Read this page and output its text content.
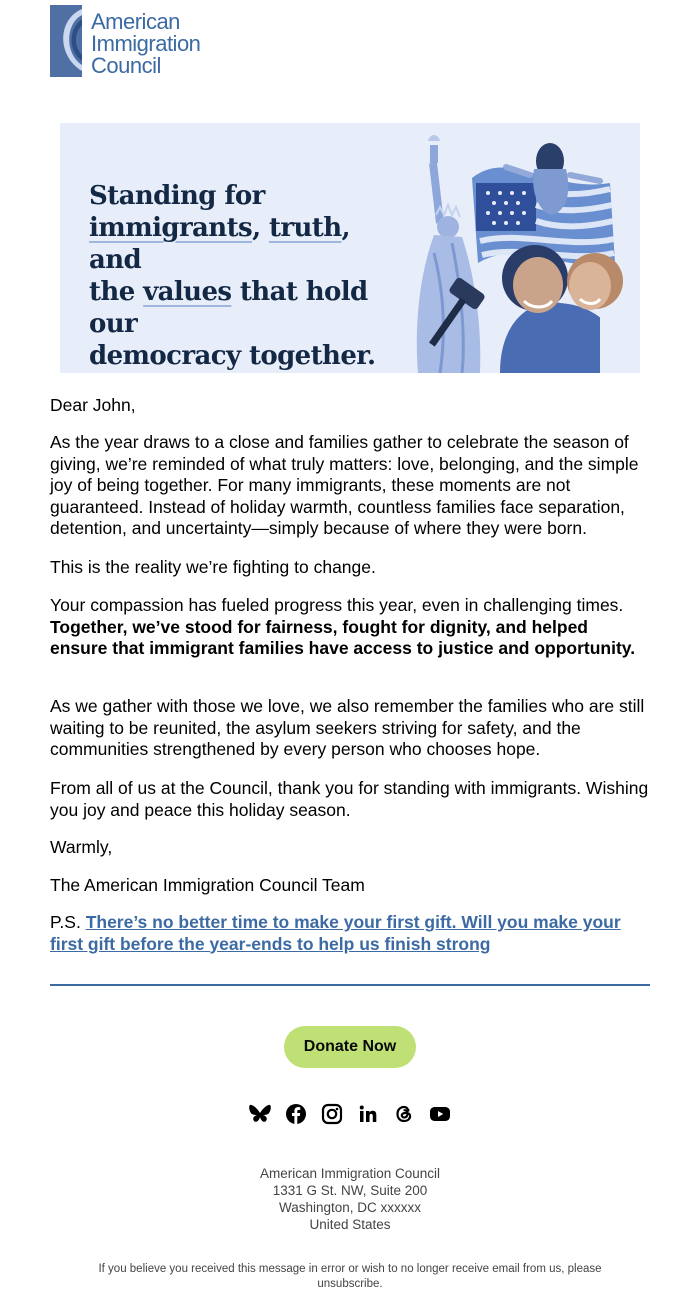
American
Immigration
Council
Standing for
immigrants, truth, and
the values that hold our
democracy together.
Dear John,
As the year draws to a close and families gather to celebrate the season of giving, we’re reminded of what truly matters: love, belonging, and the simple joy of being together. For many immigrants, these moments are not guaranteed. Instead of holiday warmth, countless families face separation, detention, and uncertainty—simply because of where they were born.
This is the reality we’re fighting to change.
Your compassion has fueled progress this year, even in challenging times. Together, we’ve stood for fairness, fought for dignity, and helped ensure that immigrant families have access to justice and opportunity.
As we gather with those we love, we also remember the families who are still waiting to be reunited, the asylum seekers striving for safety, and the communities strengthened by every person who chooses hope.
From all of us at the Council, thank you for standing with immigrants. Wishing you joy and peace this holiday season.
Warmly,
The American Immigration Council Team
P.S. There’s no better time to make your first gift. Will you make your first gift before the year-ends to help us finish strong
Donate Now
American Immigration Council
1331 G St. NW, Suite 200
Washington, DC xxxxxx
United States
If you believe you received this message in error or wish to no longer receive email from us, please unsubscribe.
